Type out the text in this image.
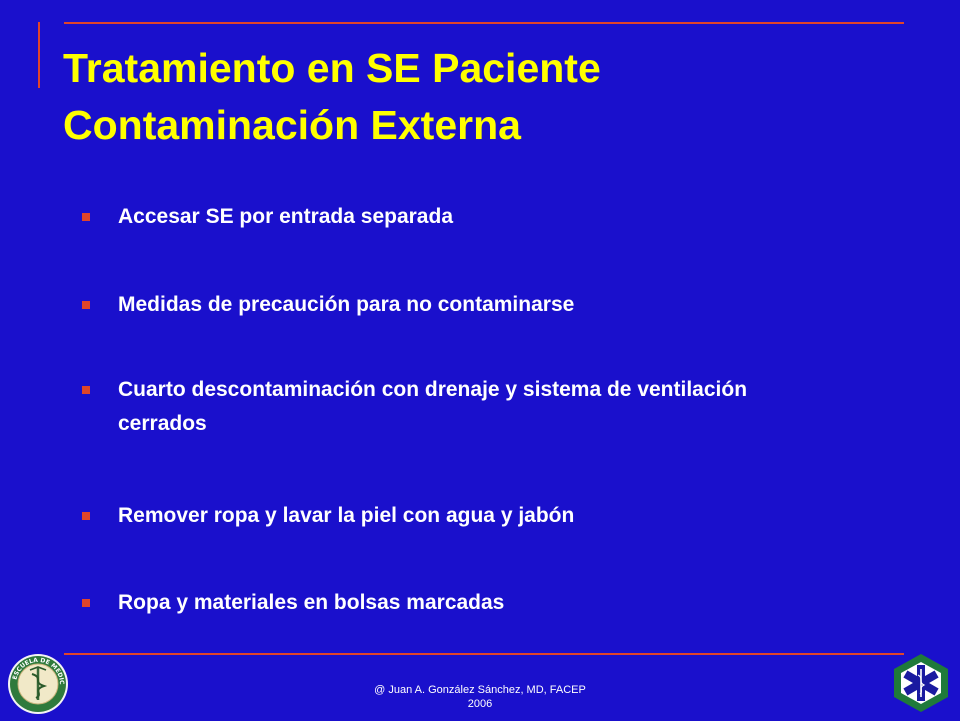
Tratamiento en SE Paciente
Contaminación Externa
Accesar SE por entrada separada
Medidas de precaución para no contaminarse
Cuarto descontaminación con drenaje y sistema de ventilación cerrados
Remover ropa y lavar la piel con agua y jabón
Ropa y materiales en bolsas marcadas
ESCUELA DE MEDIC
@ Juan A. González Sánchez, MD, FACEP
2006
